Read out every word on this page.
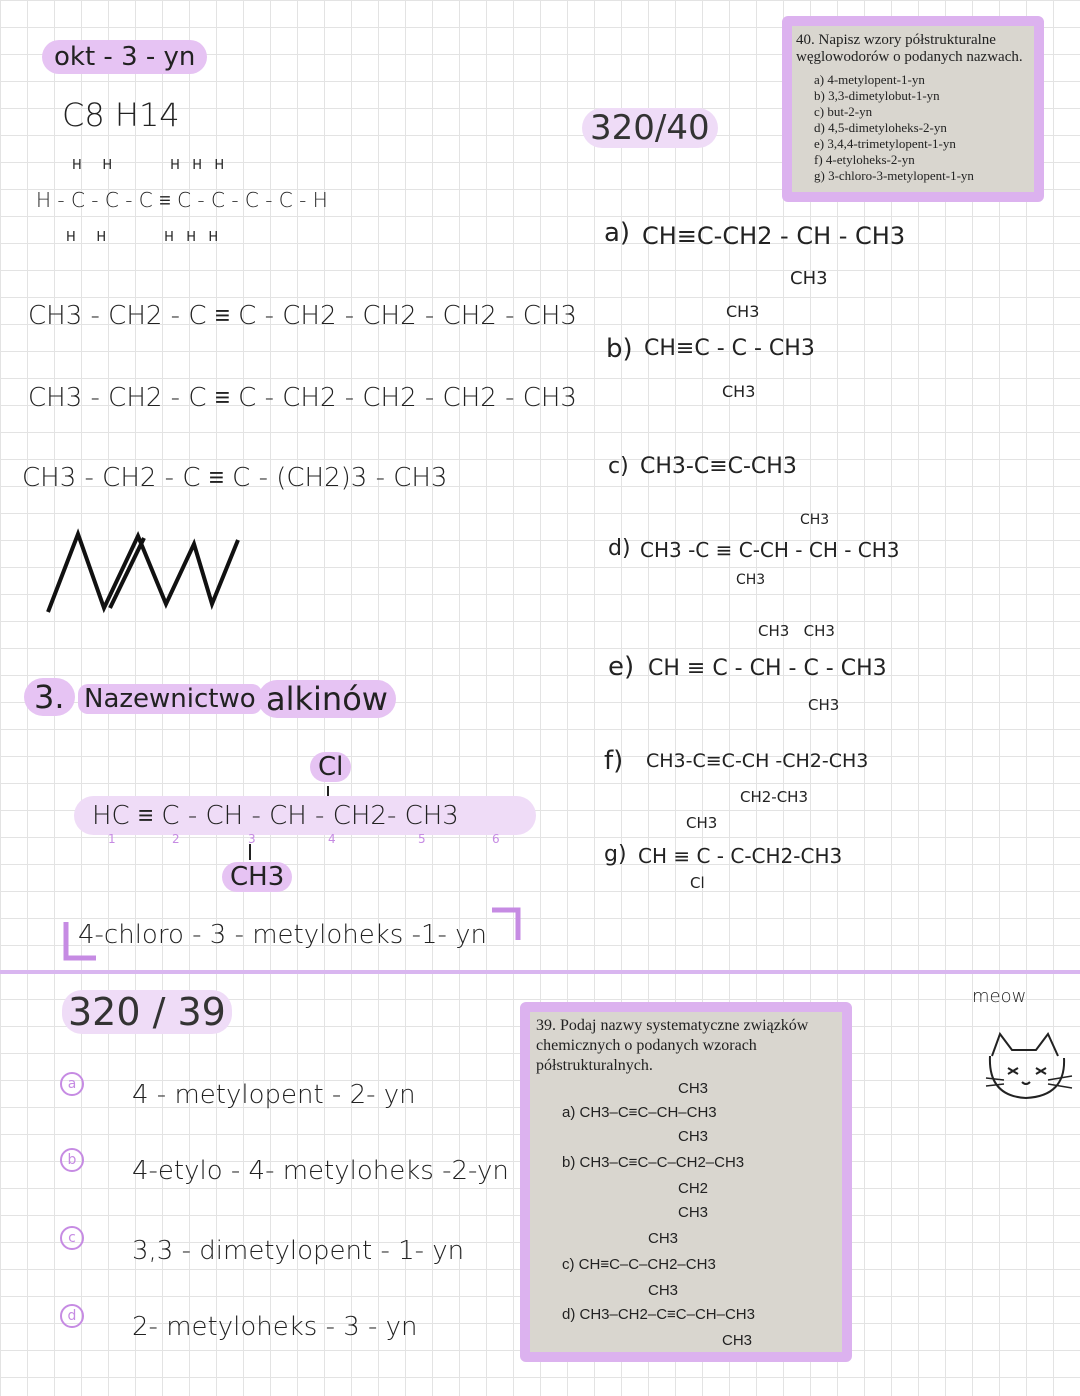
okt - 3 - yn
C8 H14
H     H              H   H   H
H - C - C - C ≡ C - C - C - C - H
H     H              H   H   H
CH3 - CH2 - C ≡ C - CH2 - CH2 - CH2 - CH3
CH3 - CH2 - C ≡ C - CH2 - CH2 - CH2 - CH3
CH3 - CH2 - C ≡ C - (CH2)3 - CH3
3. Nazewnictwo alkinów
Cl
HC ≡ C - CH - CH - CH2- CH3
1	2	3	4	5	6
CH3
4-chloro - 3 - metyloheks -1- yn
320/40
40. Napisz wzory półstrukturalne węglowodorów o podanych nazwach.
a) 4-metylopent-1-yn
b) 3,3-dimetylobut-1-yn
c) but-2-yn
d) 4,5-dimetyloheks-2-yn
e) 3,4,4-trimetylopent-1-yn
f) 4-etyloheks-2-yn
g) 3-chloro-3-metylopent-1-yn
a) CH≡C-CH2 - CH - CH3
CH3
CH3
b) CH≡C - C - CH3
CH3
c) CH3-C≡C-CH3
CH3
d) CH3 -C ≡ C-CH - CH - CH3
CH3
CH3   CH3
e) CH ≡ C - CH - C - CH3
CH3
f) CH3-C≡C-CH -CH2-CH3
CH2-CH3
CH3
g) CH ≡ C - C-CH2-CH3
Cl
320 / 39
a 4 - metylopent - 2- yn
b 4-etylo - 4- metyloheks -2-yn
c	3,3 - dimetylopent - 1- yn
d 2- metyloheks - 3 - yn
39. Podaj nazwy systematyczne związków chemicznych o podanych wzorach półstrukturalnych.
CH3
a) CH3–C≡C–CH–CH3
CH3
b) CH3–C≡C–C–CH2–CH3
CH2
CH3
CH3
c) CH≡C–C–CH2–CH3
CH3
d) CH3–CH2–C≡C–CH–CH3
CH3
meow
